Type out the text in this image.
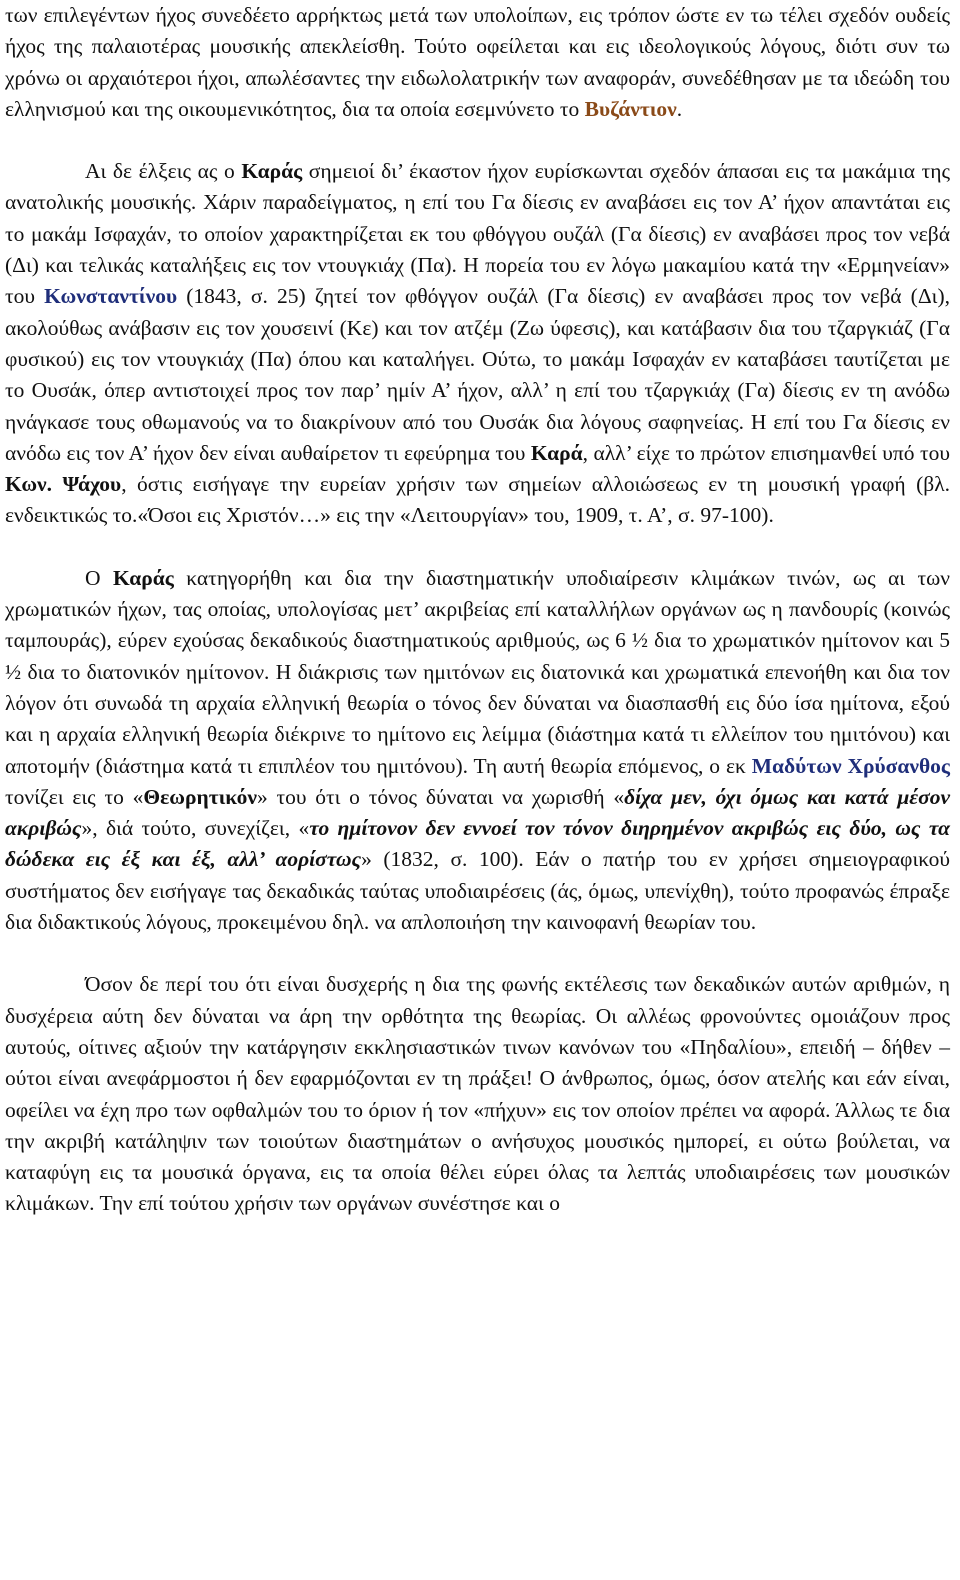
των επιλεγέντων ήχος συνεδέετο αρρήκτως μετά των υπολοίπων, εις τρόπον ώστε εν τω τέλει σχεδόν ουδείς ήχος της παλαιοτέρας μουσικής απεκλείσθη. Τούτο οφείλεται και εις ιδεολογικούς λόγους, διότι συν τω χρόνω οι αρχαιότεροι ήχοι, απωλέσαντες την ειδωλολατρικήν των αναφοράν, συνεδέθησαν με τα ιδεώδη του ελληνισμού και της οικουμενικότητος, δια τα οποία εσεμνύνετο το Βυζάντιον.

Αι δε έλξεις ας ο Καράς σημειοί δι’ έκαστον ήχον ευρίσκωνται σχεδόν άπασαι εις τα μακάμια της ανατολικής μουσικής. Χάριν παραδείγματος, η επί του Γα δίεσις εν αναβάσει εις τον Α’ ήχον απαντάται εις το μακάμ Ισφαχάν, το οποίον χαρακτηρίζεται εκ του φθόγγου ουζάλ (Γα δίεσις) εν αναβάσει προς τον νεβά (Δι) και τελικάς καταλήξεις εις τον ντουγκιάχ (Πα). Η πορεία του εν λόγω μακαμίου κατά την «Ερμηνείαν» του Κωνσταντίνου (1843, σ. 25) ζητεί τον φθόγγον ουζάλ (Γα δίεσις) εν αναβάσει προς τον νεβά (Δι), ακολούθως ανάβασιν εις τον χουσεινί (Κε) και τον ατζέμ (Ζω ύφεσις), και κατάβασιν δια του τζαργκιάζ (Γα φυσικού) εις τον ντουγκιάχ (Πα) όπου και καταλήγει. Ούτω, το μακάμ Ισφαχάν εν καταβάσει ταυτίζεται με το Ουσάκ, όπερ αντιστοιχεί προς τον παρ’ ημίν Α’ ήχον, αλλ’ η επί του τζαργκιάχ (Γα) δίεσις εν τη ανόδω ηνάγκασε τους οθωμανούς να το διακρίνουν από του Ουσάκ δια λόγους σαφηνείας. Η επί του Γα δίεσις εν ανόδω εις τον Α’ ήχον δεν είναι αυθαίρετον τι εφεύρημα του Καρά, αλλ’ είχε το πρώτον επισημανθεί υπό του Κων. Ψάχου, όστις εισήγαγε την ευρείαν χρήσιν των σημείων αλλοιώσεως εν τη μουσική γραφή (βλ. ενδεικτικώς το.«Όσοι εις Χριστόν…» εις την «Λειτουργίαν» του, 1909, τ. Α’, σ. 97-100).

Ο Καράς κατηγορήθη και δια την διαστηματικήν υποδιαίρεσιν κλιμάκων τινών, ως αι των χρωματικών ήχων, τας οποίας, υπολογίσας μετ’ ακριβείας επί καταλλήλων οργάνων ως η πανδουρίς (κοινώς ταμπουράς), εύρεν εχούσας δεκαδικούς διαστηματικούς αριθμούς, ως 6 ½ δια το χρωματικόν ημίτονον και 5 ½ δια το διατονικόν ημίτονον. Η διάκρισις των ημιτόνων εις διατονικά και χρωματικά επενοήθη και δια τον λόγον ότι συνωδά τη αρχαία ελληνική θεωρία ο τόνος δεν δύναται να διασπασθή εις δύο ίσα ημίτονα, εξού και η αρχαία ελληνική θεωρία διέκρινε το ημίτονο εις λείμμα (διάστημα κατά τι ελλείπον του ημιτόνου) και αποτομήν (διάστημα κατά τι επιπλέον του ημιτόνου). Τη αυτή θεωρία επόμενος, ο εκ Μαδύτων Χρύσανθος τονίζει εις το «Θεωρητικόν» του ότι ο τόνος δύναται να χωρισθή «δίχα μεν, όχι όμως και κατά μέσον ακριβώς», διά τούτο, συνεχίζει, «το ημίτονον δεν εννοεί τον τόνον διηρημένον ακριβώς εις δύο, ως τα δώδεκα εις έξ και έξ, αλλ’ αορίστως» (1832, σ. 100). Εάν ο πατήρ του εν χρήσει σημειογραφικού συστήματος δεν εισήγαγε τας δεκαδικάς ταύτας υποδιαιρέσεις (άς, όμως, υπενίχθη), τούτο προφανώς έπραξε δια διδακτικούς λόγους, προκειμένου δηλ. να απλοποιήση την καινοφανή θεωρίαν του.

Όσον δε περί του ότι είναι δυσχερής η δια της φωνής εκτέλεσις των δεκαδικών αυτών αριθμών, η δυσχέρεια αύτη δεν δύναται να άρη την ορθότητα της θεωρίας. Οι αλλέως φρονούντες ομοιάζουν προς αυτούς, οίτινες αξιούν την κατάργησιν εκκλησιαστικών τινων κανόνων του «Πηδαλίου», επειδή – δήθεν – ούτοι είναι ανεφάρμοστοι ή δεν εφαρμόζονται εν τη πράξει! Ο άνθρωπος, όμως, όσον ατελής και εάν είναι, οφείλει να έχη προ των οφθαλμών του το όριον ή τον «πήχυν» εις τον οποίον πρέπει να αφορά. Άλλως τε δια την ακριβή κατάληψιν των τοιούτων διαστημάτων ο ανήσυχος μουσικός ημπορεί, ει ούτω βούλεται, να καταφύγη εις τα μουσικά όργανα, εις τα οποία θέλει εύρει όλας τα λεπτάς υποδιαιρέσεις των μουσικών κλιμάκων. Την επί τούτου χρήσιν των οργάνων συνέστησε και ο
